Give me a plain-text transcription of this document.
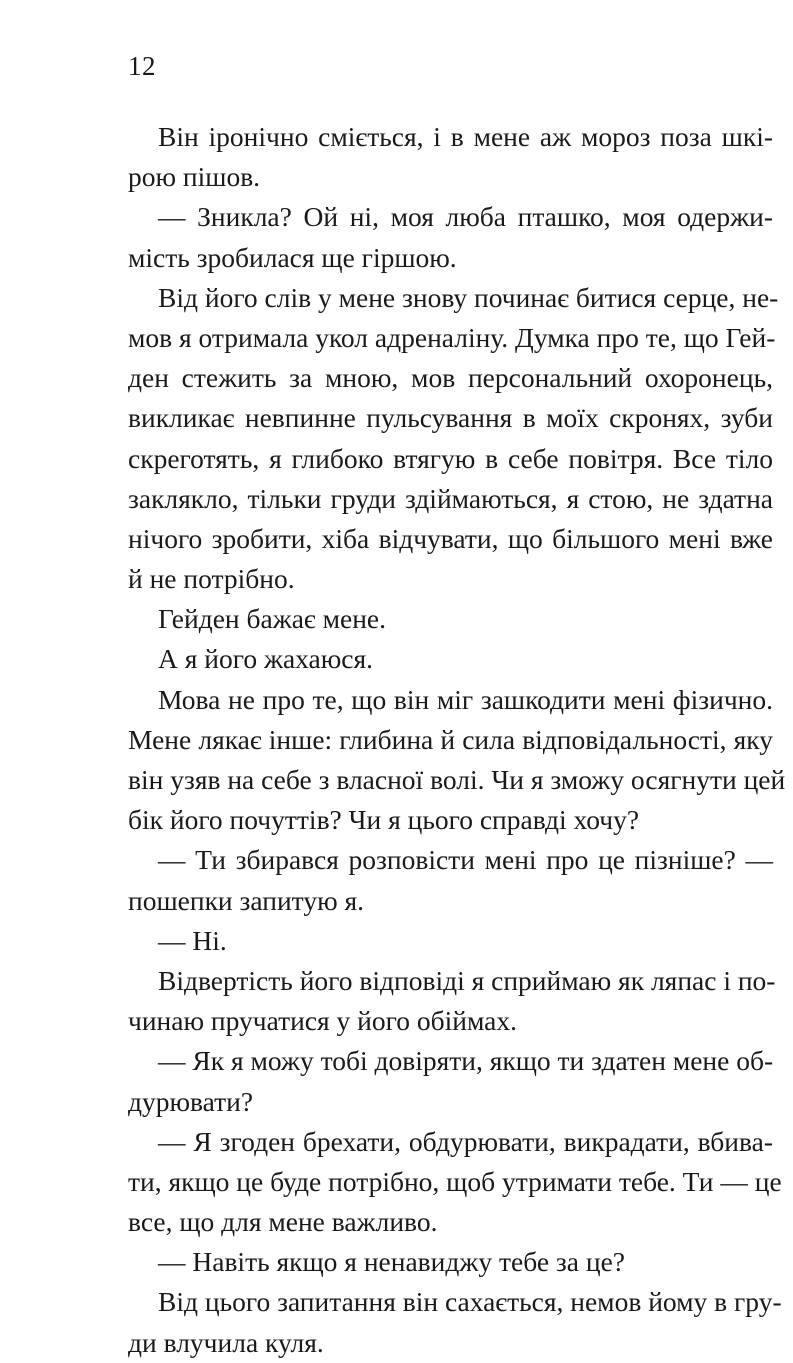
12
Він іронічно сміється, і в мене аж мороз поза шкі-
рою пішов.
— Зникла? Ой ні, моя люба пташко, моя одержи-
мість зробилася ще гіршою.
Від його слів у мене знову починає битися серце, не-
мов я отримала укол адреналіну. Думка про те, що Гей-
ден стежить за мною, мов персональний охоронець,
викликає невпинне пульсування в моїх скронях, зуби
скреготять, я глибоко втягую в себе повітря. Все тіло
заклякло, тільки груди здіймаються, я стою, не здатна
нічого зробити, хіба відчувати, що більшого мені вже
й не потрібно.
Гейден бажає мене.
А я його жахаюся.
Мова не про те, що він міг зашкодити мені фізично.
Мене лякає інше: глибина й сила відповідальності, яку
він узяв на себе з власної волі. Чи я зможу осягнути цей
бік його почуттів? Чи я цього справді хочу?
— Ти збирався розповісти мені про це пізніше? —
пошепки запитую я.
— Ні.
Відвертість його відповіді я сприймаю як ляпас і по-
чинаю пручатися у його обіймах.
— Як я можу тобі довіряти, якщо ти здатен мене об-
дурювати?
— Я згоден брехати, обдурювати, викрадати, вбива-
ти, якщо це буде потрібно, щоб утримати тебе. Ти — це
все, що для мене важливо.
— Навіть якщо я ненавиджу тебе за це?
Від цього запитання він сахається, немов йому в гру-
ди влучила куля.
